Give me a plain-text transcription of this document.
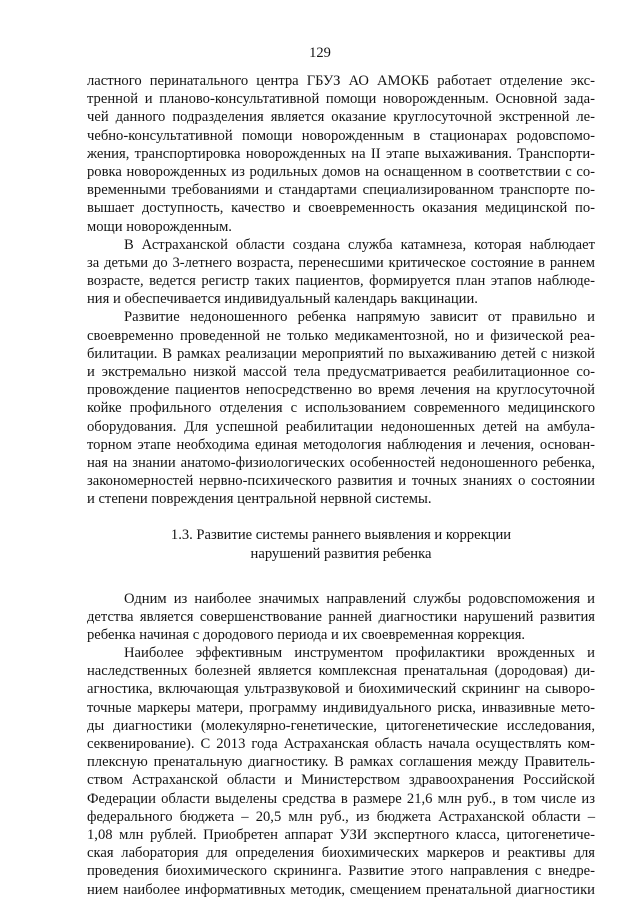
129
ластного перинатального центра ГБУЗ АО АМОКБ работает отделение экс-
тренной и планово-консультативной помощи новорожденным. Основной зада-
чей данного подразделения является оказание круглосуточной экстренной ле-
чебно-консультативной помощи новорожденным в стационарах родовспомо-
жения, транспортировка новорожденных на II этапе выхаживания. Транспорти-
ровка новорожденных из родильных домов на оснащенном в соответствии с со-
временными требованиями и стандартами специализированном транспорте по-
вышает доступность, качество и своевременность оказания медицинской по-
мощи новорожденным.
В Астраханской области создана служба катамнеза, которая наблюдает
за детьми до 3-летнего возраста, перенесшими критическое состояние в раннем
возрасте, ведется регистр таких пациентов, формируется план этапов наблюде-
ния и обеспечивается индивидуальный календарь вакцинации.
Развитие недоношенного ребенка напрямую зависит от правильно и
своевременно проведенной не только медикаментозной, но и физической реа-
билитации. В рамках реализации мероприятий по выхаживанию детей с низкой
и экстремально низкой массой тела предусматривается реабилитационное со-
провождение пациентов непосредственно во время лечения на круглосуточной
койке профильного отделения с использованием современного медицинского
оборудования. Для успешной реабилитации недоношенных детей на амбула-
торном этапе необходима единая методология наблюдения и лечения, основан-
ная на знании анатомо-физиологических особенностей недоношенного ребенка,
закономерностей нервно-психического развития и точных знаниях о состоянии
и степени повреждения центральной нервной системы.
1.3. Развитие системы раннего выявления и коррекции
нарушений развития ребенка
Одним из наиболее значимых направлений службы родовспоможения и
детства является совершенствование ранней диагностики нарушений развития
ребенка начиная с дородового периода и их своевременная коррекция.
Наиболее эффективным инструментом профилактики врожденных и
наследственных болезней является комплексная пренатальная (дородовая) ди-
агностика, включающая ультразвуковой и биохимический скрининг на сыворо-
точные маркеры матери, программу индивидуального риска, инвазивные мето-
ды диагностики (молекулярно-генетические, цитогенетические исследования,
секвенирование). С 2013 года Астраханская область начала осуществлять ком-
плексную пренатальную диагностику. В рамках соглашения между Правитель-
ством Астраханской области и Министерством здравоохранения Российской
Федерации области выделены средства в размере 21,6 млн руб., в том числе из
федерального бюджета – 20,5 млн руб., из бюджета Астраханской области –
1,08 млн рублей. Приобретен аппарат УЗИ экспертного класса, цитогенетиче-
ская лаборатория для определения биохимических маркеров и реактивы для
проведения биохимического скрининга. Развитие этого направления с внедре-
нием наиболее информативных методик, смещением пренатальной диагностики
